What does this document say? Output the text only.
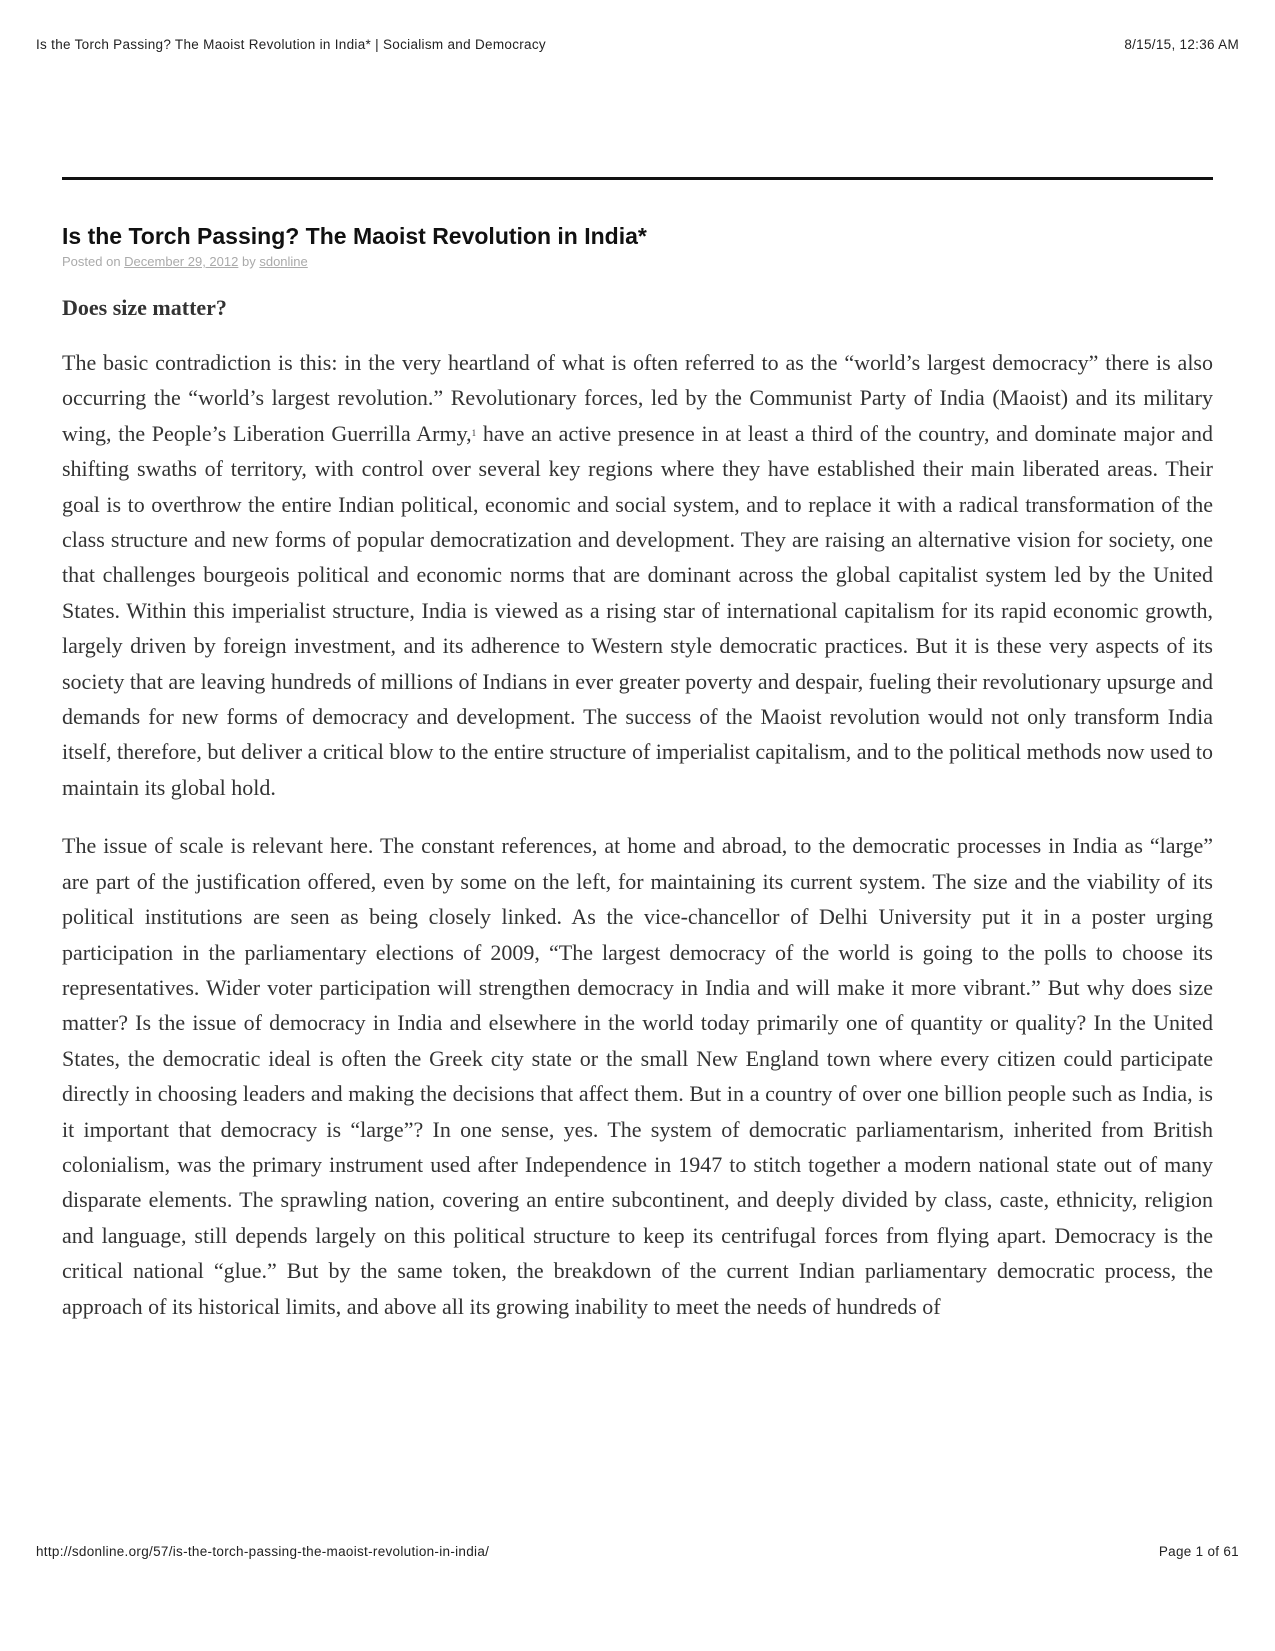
Is the Torch Passing? The Maoist Revolution in India* | Socialism and Democracy	8/15/15, 12:36 AM
Is the Torch Passing? The Maoist Revolution in India*
Posted on December 29, 2012 by sdonline
Does size matter?

The basic contradiction is this: in the very heartland of what is often referred to as the “world’s largest democracy” there is also occurring the “world’s largest revolution.” Revolutionary forces, led by the Communist Party of India (Maoist) and its military wing, the People’s Liberation Guerrilla Army,$^1$ have an active presence in at least a third of the country, and dominate major and shifting swaths of territory, with control over several key regions where they have established their main liberated areas. Their goal is to overthrow the entire Indian political, economic and social system, and to replace it with a radical transformation of the class structure and new forms of popular democratization and development. They are raising an alternative vision for society, one that challenges bourgeois political and economic norms that are dominant across the global capitalist system led by the United States. Within this imperialist structure, India is viewed as a rising star of international capitalism for its rapid economic growth, largely driven by foreign investment, and its adherence to Western style democratic practices. But it is these very aspects of its society that are leaving hundreds of millions of Indians in ever greater poverty and despair, fueling their revolutionary upsurge and demands for new forms of democracy and development. The success of the Maoist revolution would not only transform India itself, therefore, but deliver a critical blow to the entire structure of imperialist capitalism, and to the political methods now used to maintain its global hold.

The issue of scale is relevant here. The constant references, at home and abroad, to the democratic processes in India as “large” are part of the justification offered, even by some on the left, for maintaining its current system. The size and the viability of its political institutions are seen as being closely linked. As the vice-chancellor of Delhi University put it in a poster urging participation in the parliamentary elections of 2009, “The largest democracy of the world is going to the polls to choose its representatives. Wider voter participation will strengthen democracy in India and will make it more vibrant.” But why does size matter? Is the issue of democracy in India and elsewhere in the world today primarily one of quantity or quality? In the United States, the democratic ideal is often the Greek city state or the small New England town where every citizen could participate directly in choosing leaders and making the decisions that affect them. But in a country of over one billion people such as India, is it important that democracy is “large”? In one sense, yes. The system of democratic parliamentarism, inherited from British colonialism, was the primary instrument used after Independence in 1947 to stitch together a modern national state out of many disparate elements. The sprawling nation, covering an entire subcontinent, and deeply divided by class, caste, ethnicity, religion and language, still depends largely on this political structure to keep its centrifugal forces from flying apart. Democracy is the critical national “glue.” But by the same token, the breakdown of the current Indian parliamentary democratic process, the approach of its historical limits, and above all its growing inability to meet the needs of hundreds of

http://sdonline.org/57/is-the-torch-passing-the-maoist-revolution-in-india/	Page 1 of 61
